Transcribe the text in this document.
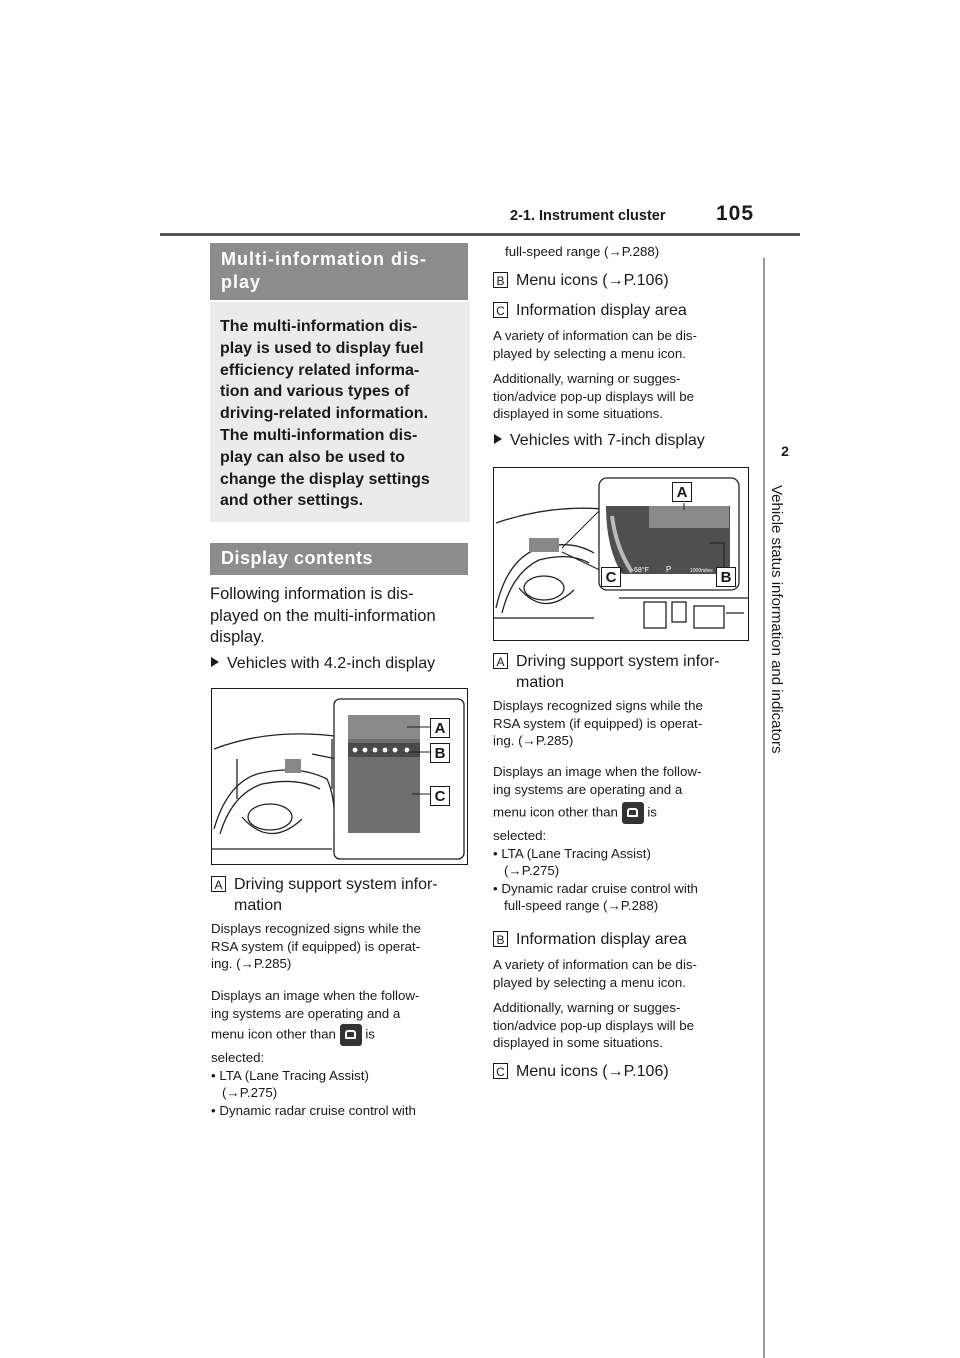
2-1. Instrument cluster 105
2
Vehicle status information and indicators
Multi-information dis-
play
The multi-information dis-
play is used to display fuel
efficiency related informa-
tion and various types of
driving-related information.
The multi-information dis-
play can also be used to
change the display settings
and other settings.
Display contents
Following information is dis-
played on the multi-information
display.
Vehicles with 4.2-inch display
A
B
C
A Driving support system infor-
mation
Displays recognized signs while the
RSA system (if equipped) is operat-
ing. (→P.285)
Displays an image when the follow-
ing systems are operating and a
menu icon other than is
selected:
• LTA (Lane Tracing Assist)
(→P.275)
• Dynamic radar cruise control with
full-speed range (→P.288)
B Menu icons (→P.106)
C Information display area
A variety of information can be dis-
played by selecting a menu icon.
Additionally, warning or sugges-
tion/advice pop-up displays will be
displayed in some situations.
Vehicles with 7-inch display
68°F P	1000miles
A
C	B
A Driving support system infor-
mation
Displays recognized signs while the
RSA system (if equipped) is operat-
ing. (→P.285)
Displays an image when the follow-
ing systems are operating and a
menu icon other than is
selected:
• LTA (Lane Tracing Assist)
(→P.275)
• Dynamic radar cruise control with
full-speed range (→P.288)
B Information display area
A variety of information can be dis-
played by selecting a menu icon.
Additionally, warning or sugges-
tion/advice pop-up displays will be
displayed in some situations.
C Menu icons (→P.106)
